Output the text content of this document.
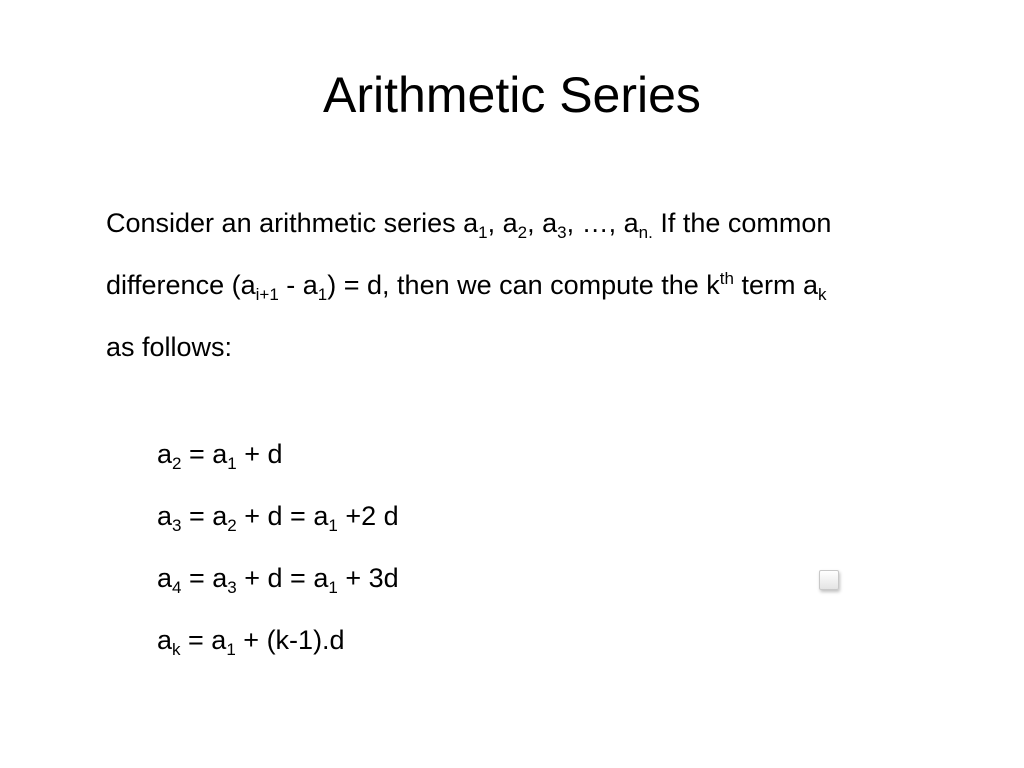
Arithmetic Series
Consider an arithmetic series $a_1$, $a_2$, $a_3$, …, $a_{n.}$ If the common
difference $(a_{i+1} - a_1) = d$, then we can compute the $k^{th}$ term $a_k$
as follows:
$a_2 = a_1 + d$
$a_3 = a_2 + d = a_1 +2$ d
$a_4 = a_3 + d = a_1 + 3d$
$a_k = a_1 + (k-1).d$
